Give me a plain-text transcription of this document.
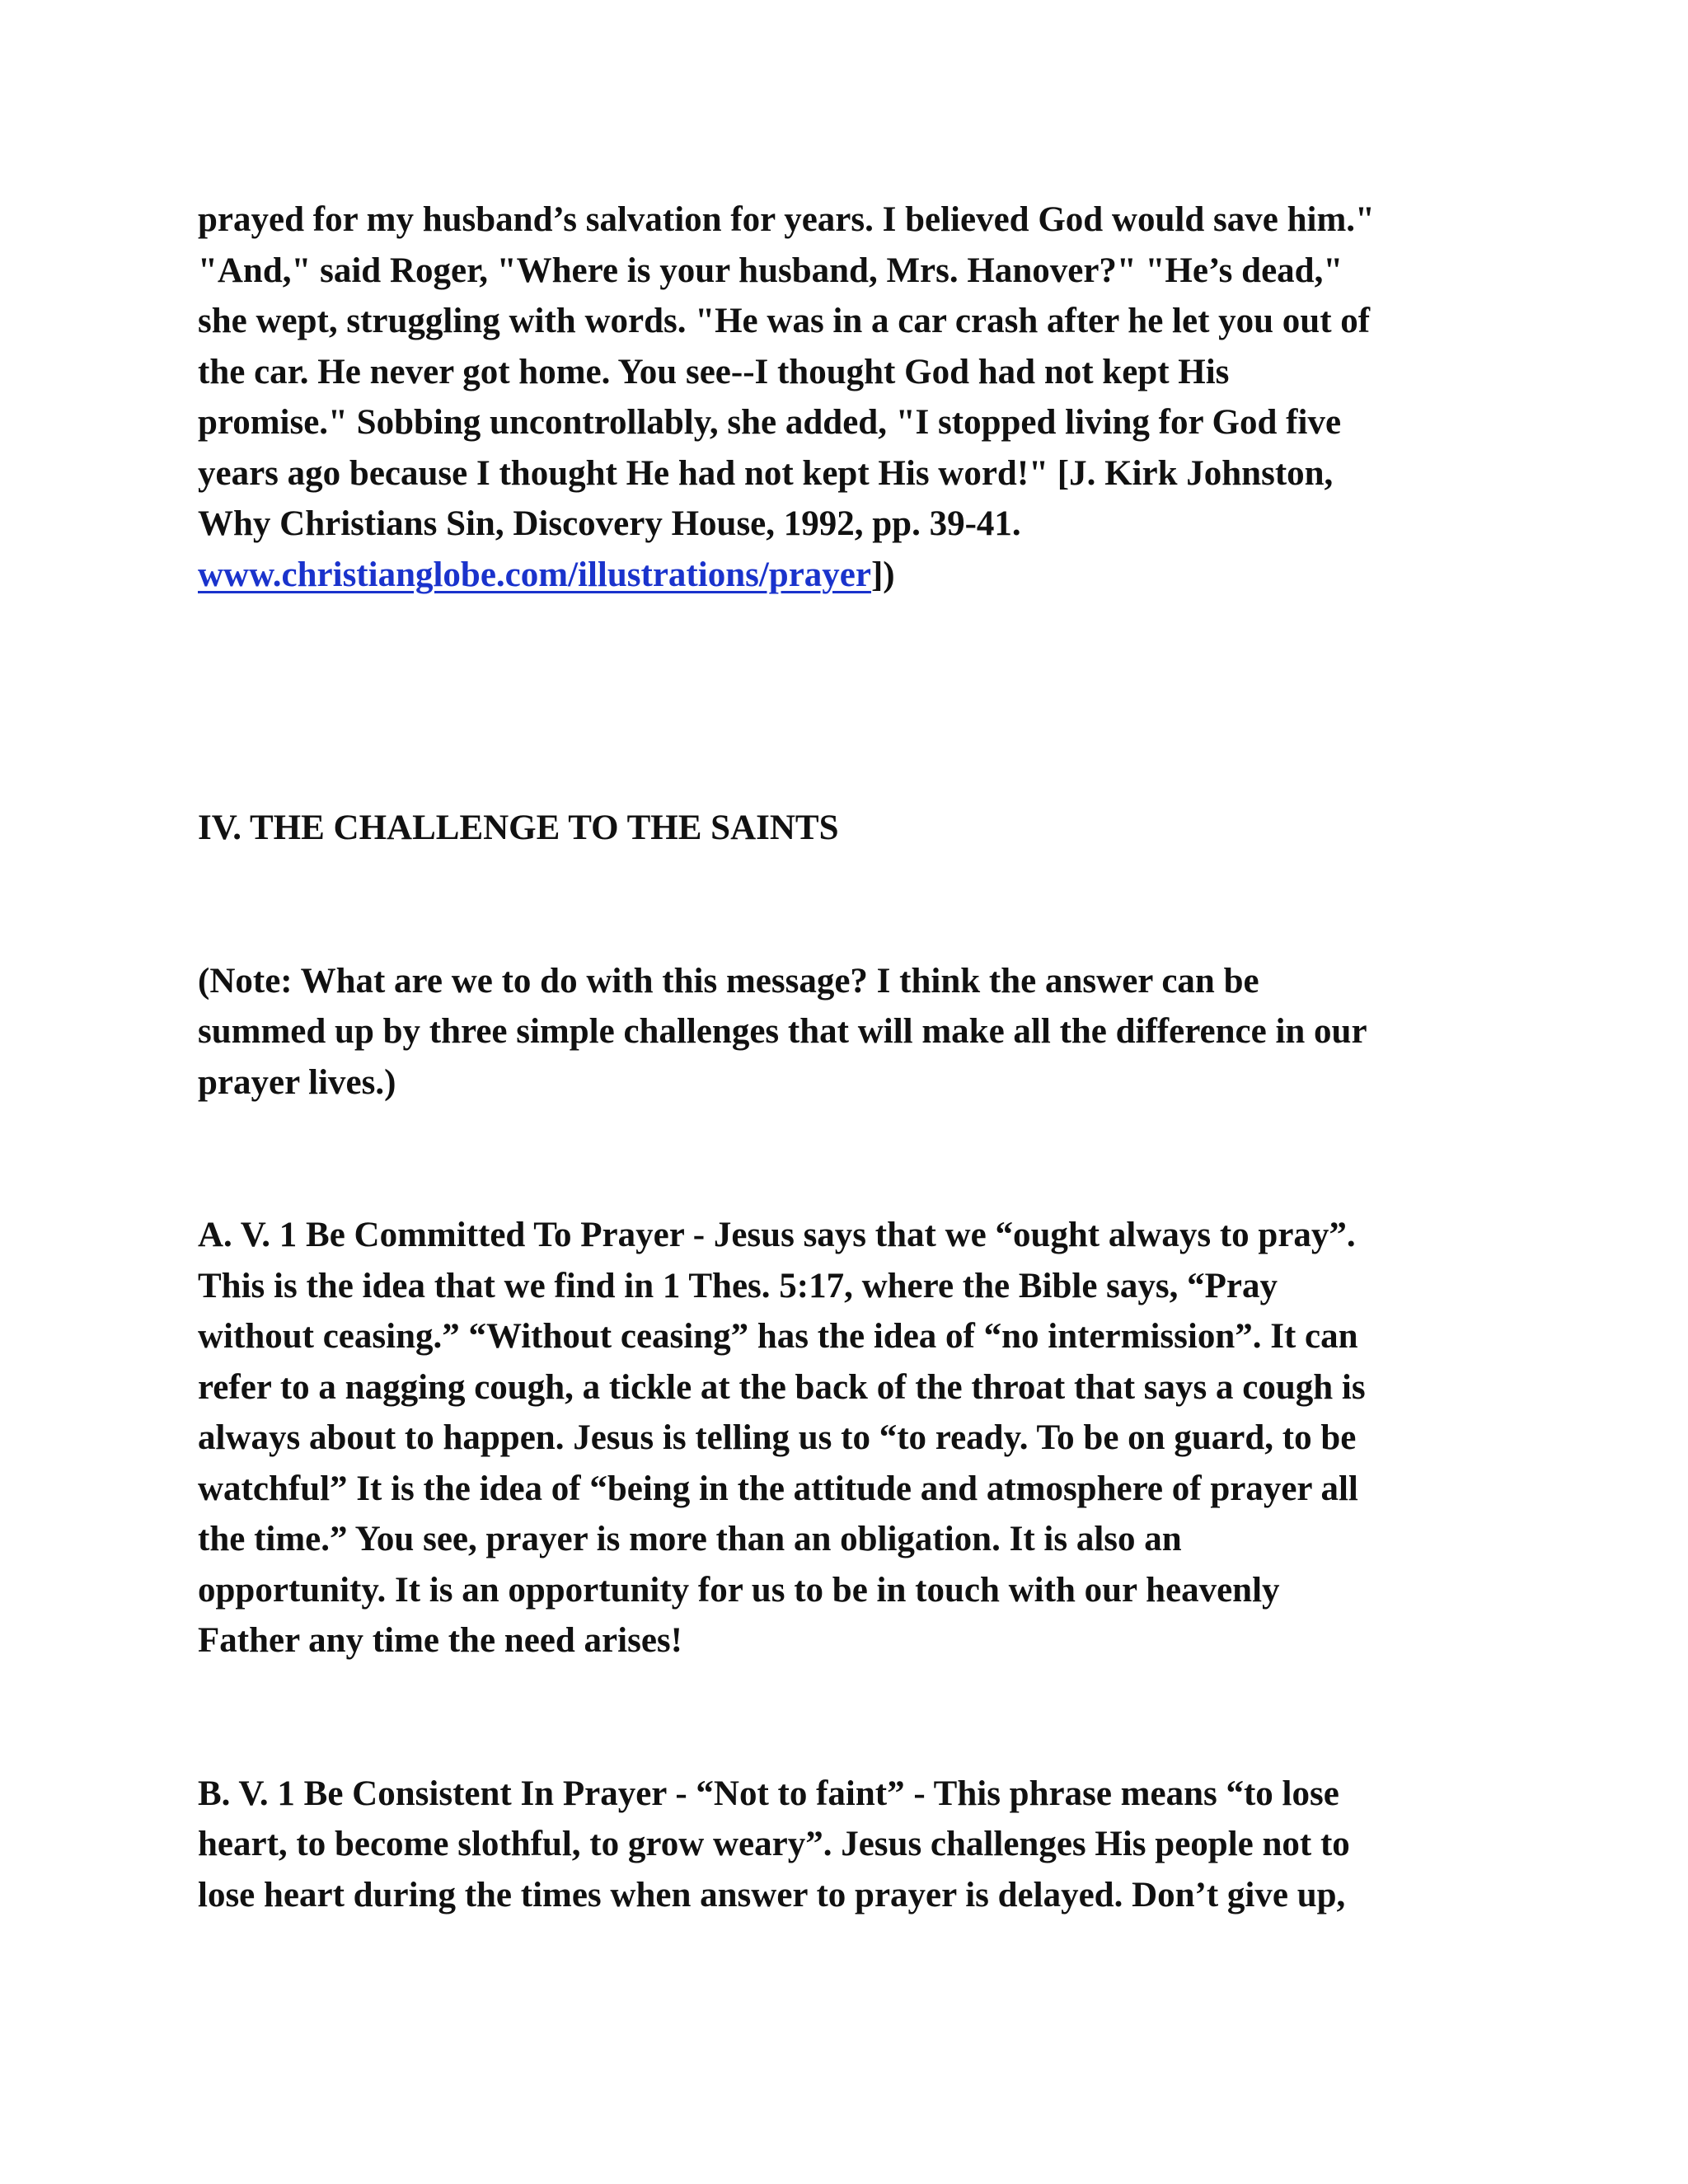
prayed for my husband’s salvation for years. I believed God would save him."
"And," said Roger, "Where is your husband, Mrs. Hanover?" "He’s dead,"
she wept, struggling with words. "He was in a car crash after he let you out of
the car. He never got home. You see--I thought God had not kept His
promise." Sobbing uncontrollably, she added, "I stopped living for God five
years ago because I thought He had not kept His word!" [J. Kirk Johnston,
Why Christians Sin, Discovery House, 1992, pp. 39-41.
www.christianglobe.com/illustrations/prayer])

IV. THE CHALLENGE TO THE SAINTS

(Note: What are we to do with this message? I think the answer can be
summed up by three simple challenges that will make all the difference in our
prayer lives.)

A. V. 1 Be Committed To Prayer - Jesus says that we “ought always to pray”.
This is the idea that we find in 1 Thes. 5:17, where the Bible says, “Pray
without ceasing.” “Without ceasing” has the idea of “no intermission”. It can
refer to a nagging cough, a tickle at the back of the throat that says a cough is
always about to happen. Jesus is telling us to “to ready. To be on guard, to be
watchful” It is the idea of “being in the attitude and atmosphere of prayer all
the time.” You see, prayer is more than an obligation. It is also an
opportunity. It is an opportunity for us to be in touch with our heavenly
Father any time the need arises!

B. V. 1 Be Consistent In Prayer - “Not to faint” - This phrase means “to lose
heart, to become slothful, to grow weary”. Jesus challenges His people not to
lose heart during the times when answer to prayer is delayed. Don’t give up,
